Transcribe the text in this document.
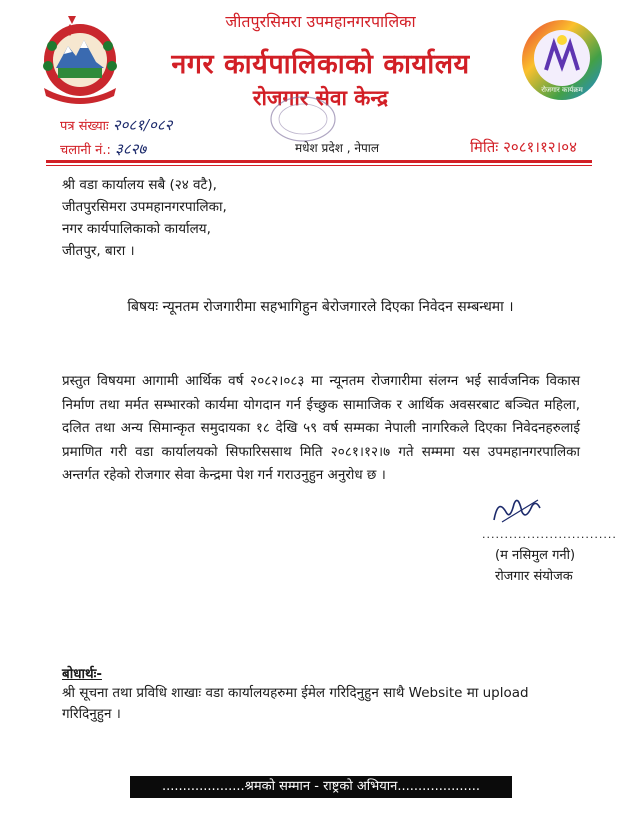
रोजगार कार्यक्रम
जीतपुरसिमरा उपमहानगरपालिका
नगर कार्यपालिकाको कार्यालय
रोजगार सेवा केन्द्र
पत्र संख्याः २०८१/०८२
चलानी नं.: ३८२७	मधेश प्रदेश , नेपाल	मितिः २०८१।१२।०४
श्री वडा कार्यालय सबै (२४ वटै),
जीतपुरसिमरा उपमहानगरपालिका,
नगर कार्यपालिकाको कार्यालय,
जीतपुर, बारा ।
बिषयः न्यूनतम रोजगारीमा सहभागिहुन बेरोजगारले दिएका निवेदन सम्बन्धमा ।
प्रस्तुत विषयमा आगामी आर्थिक वर्ष २०८२।०८३ मा न्यूनतम रोजगारीमा संलग्न भई सार्वजनिक विकास निर्माण तथा मर्मत सम्भारको कार्यमा योगदान गर्न ईच्छुक सामाजिक र आर्थिक अवसरबाट बञ्चित महिला, दलित तथा अन्य सिमान्कृत समुदायका १८ देखि ५९ वर्ष सम्मका नेपाली नागरिकले दिएका निवेदनहरुलाई प्रमाणित गरी वडा कार्यालयको सिफारिससाथ मिति २०८१।१२।७ गते सम्ममा यस उपमहानगरपालिका अन्तर्गत रहेको रोजगार सेवा केन्द्रमा पेश गर्न गराउनुहुन अनुरोध छ ।
..............................
(म नसिमुल गनी)
रोजगार संयोजक
बोधार्थः-
श्री सूचना तथा प्रविधि शाखाः वडा कार्यालयहरुमा ईमेल गरिदिनुहुन साथै Website मा upload गरिदिनुहुन ।
....................श्रमको सम्मान - राष्ट्रको अभियान....................
